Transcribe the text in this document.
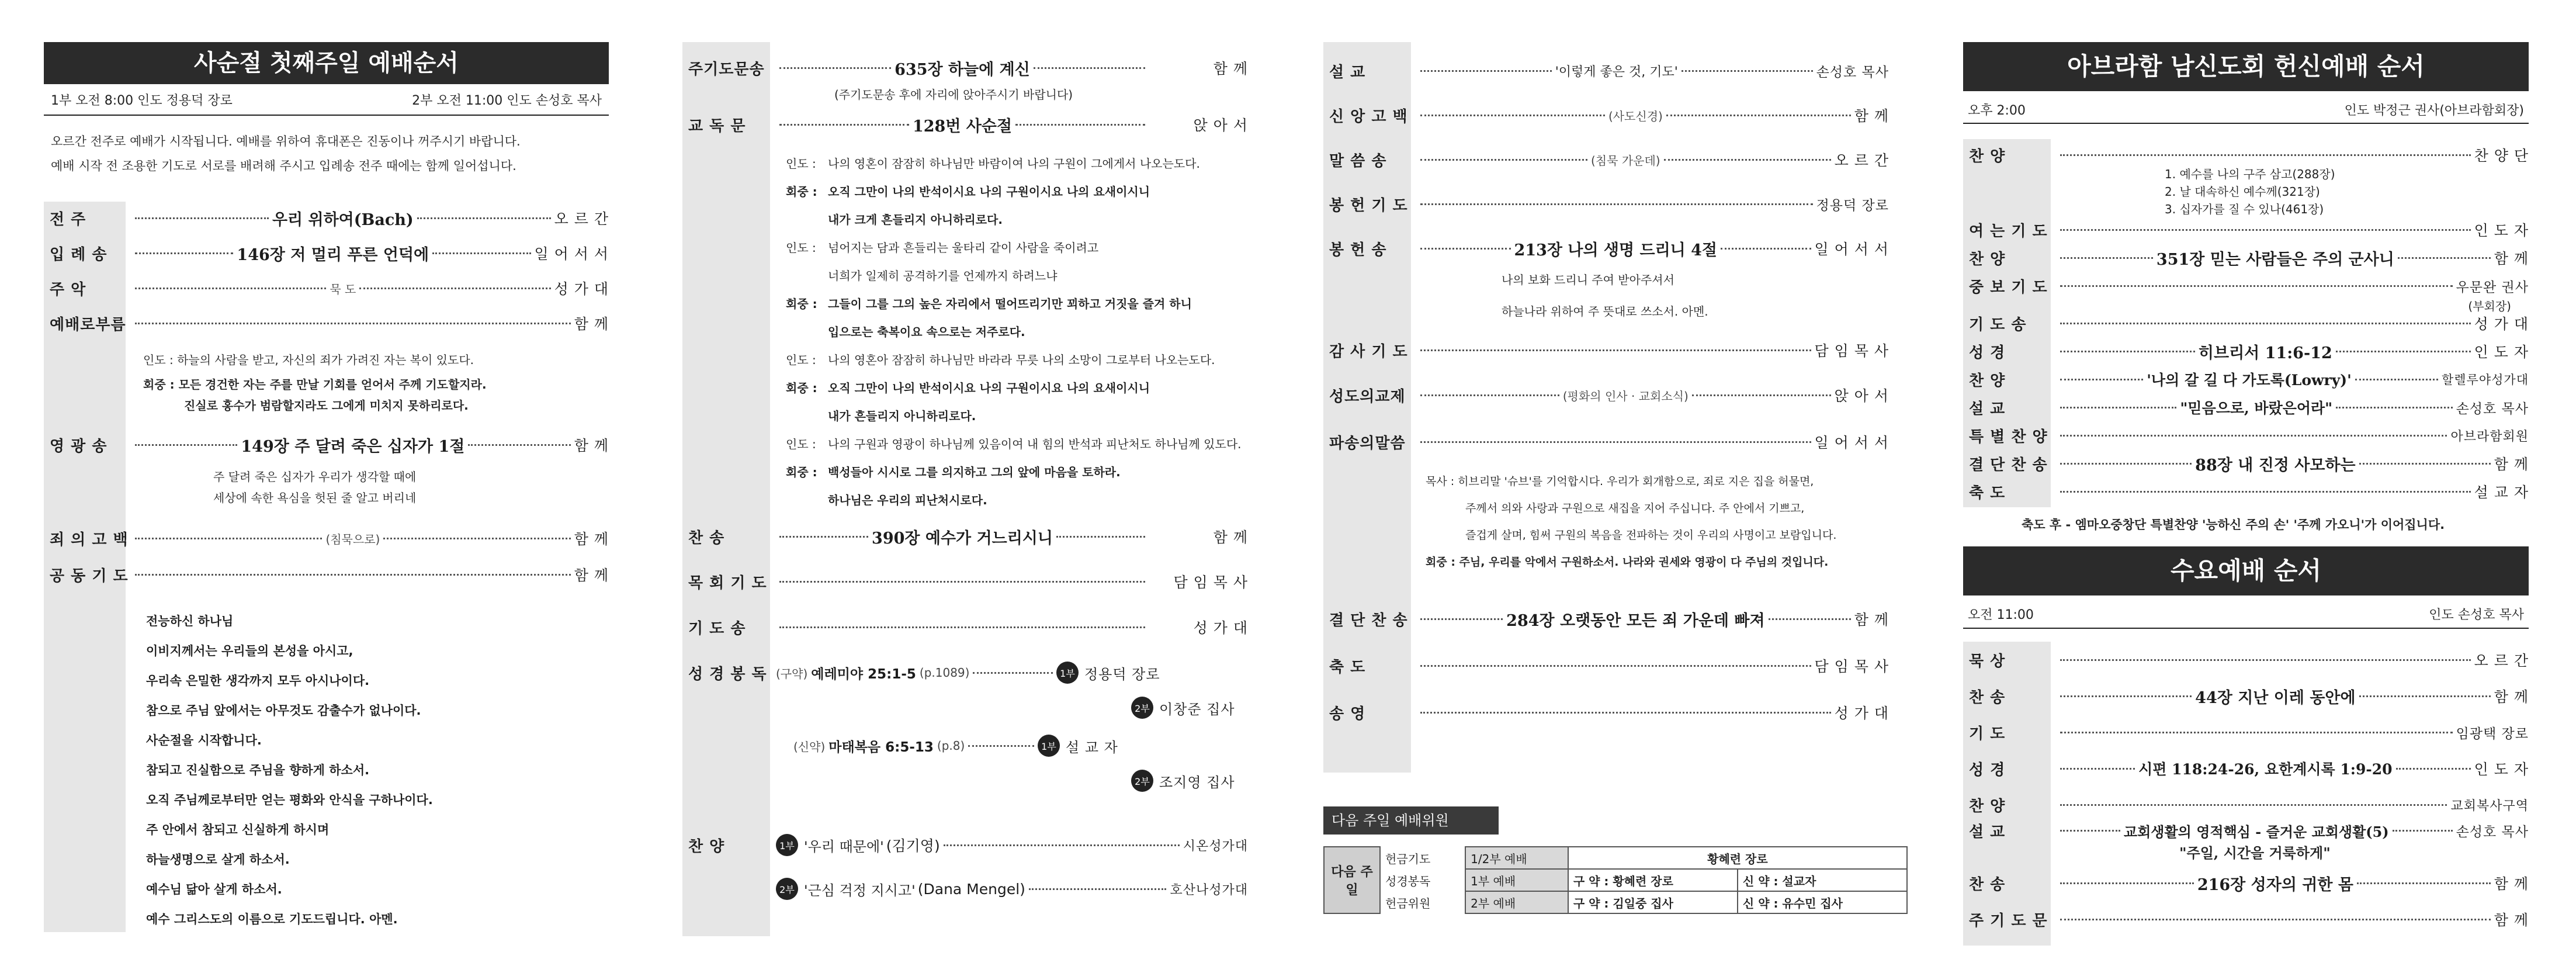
사순절 첫째주일 예배순서
1부 오전 8:00 인도 정용덕 장로	2부 오전 11:00 인도 손성호 목사
오르간 전주로 예배가 시작됩니다. 예배를 위하여 휴대폰은 진동이나 꺼주시기 바랍니다.
예배 시작 전 조용한 기도로 서로를 배려해 주시고 입례송 전주 때에는 함께 일어섭니다.
전 주	우리 위하여(Bach)	오 르 간
입 례 송	146장 저 멀리 푸른 언덕에	일 어 서 서
주 악	묵 도	성 가 대
예배로부름	함 께
인도 : 하늘의 사람을 받고, 자신의 죄가 가려진 자는 복이 있도다.
회중 : 모든 경건한 자는 주를 만날 기회를 얻어서 주께 기도할지라.
진실로 홍수가 범람할지라도 그에게 미치지 못하리로다.
영 광 송	149장 주 달려 죽은 십자가 1절	함 께
주 달려 죽은 십자가 우리가 생각할 때에
세상에 속한 욕심을 헛된 줄 알고 버리네
죄 의 고 백	(침묵으로)	함 께
공 동 기 도	함 께
전능하신 하나님
이비지께서는 우리들의 본성을 아시고,
우리속 은밀한 생각까지 모두 아시나이다.
참으로 주님 앞에서는 아무것도 감출수가 없나이다.
사순절을 시작합니다.
참되고 진실함으로 주님을 향하게 하소서.
오직 주님께로부터만 얻는 평화와 안식을 구하나이다.
주 안에서 참되고 신실하게 하시며
하늘생명으로 살게 하소서.
예수님 닮아 살게 하소서.
예수 그리스도의 이름으로 기도드립니다. 아멘.
주기도문송	635장 하늘에 계신	함 께
(주기도문송 후에 자리에 앉아주시기 바랍니다)
교 독 문	128번 사순절	앉 아 서
인도 :	나의 영혼이 잠잠히 하나님만 바람이여 나의 구원이 그에게서 나오는도다.
회중 : 오직 그만이 나의 반석이시요 나의 구원이시요 나의 요새이시니
내가 크게 흔들리지 아니하리로다.
인도 :	넘어지는 담과 흔들리는 울타리 같이 사람을 죽이려고
너희가 일제히 공격하기를 언제까지 하려느냐
회중 : 그들이 그를 그의 높은 자리에서 떨어뜨리기만 꾀하고 거짓을 즐겨 하니
입으로는 축복이요 속으로는 저주로다.
인도 :	나의 영혼아 잠잠히 하나님만 바라라 무릇 나의 소망이 그로부터 나오는도다.
회중 : 오직 그만이 나의 반석이시요 나의 구원이시요 나의 요새이시니
내가 흔들리지 아니하리로다.
인도 :	나의 구원과 영광이 하나님께 있음이여 내 힘의 반석과 피난처도 하나님께 있도다.
회중 : 백성들아 시시로 그를 의지하고 그의 앞에 마음을 토하라.
하나님은 우리의 피난처시로다.
찬 송	390장 예수가 거느리시니	함 께
목 회 기 도	담 임 목 사
기 도 송	성 가 대
성 경 봉 독 (구약) 예레미야 25:1-5 (p.1089)	1부 정용덕 장로
2부 이창준 집사
(신약) 마태복음 6:5-13 (p.8)	1부 설 교 자
2부 조지영 집사
찬 양	1부 '우리 때문에' (김기영)	시온성가대
2부 '근심 걱정 지시고' (Dana Mengel)	호산나성가대
설 교	'이렇게 좋은 것, 기도'	손성호 목사
신 앙 고 백	(사도신경)	함 께
말 씀 송	(침묵 가운데)	오 르 간
봉 헌 기 도	정용덕 장로
봉 헌 송	213장 나의 생명 드리니 4절	일 어 서 서
나의 보화 드리니 주여 받아주셔서
하늘나라 위하여 주 뜻대로 쓰소서. 아멘.
감 사 기 도	담 임 목 사
성도의교제	(평화의 인사 · 교회소식)	앉 아 서
파송의말씀	일 어 서 서
목사 : 히브리말 '슈브'를 기억합시다. 우리가 회개함으로, 죄로 지은 집을 허물면,
주께서 의와 사랑과 구원으로 새집을 지어 주십니다. 주 안에서 기쁘고,
즐겁게 살며, 힘써 구원의 복음을 전파하는 것이 우리의 사명이고 보람입니다.
회중 : 주님, 우리를 악에서 구원하소서. 나라와 권세와 영광이 다 주님의 것입니다.
결 단 찬 송	284장 오랫동안 모든 죄 가운데 빠져	함 께
축 도	담 임 목 사
송 영	성 가 대
다음 주일 예배위원
다음 주일	헌금기도	1/2부 예배	황혜련 장로	
	성경봉독	1부 예배	구 약 : 황혜련 장로	신 약 : 설교자
	헌금위원	2부 예배	구 약 : 김일중 집사	신 약 : 유수민 집사
아브라함 남신도회 헌신예배 순서
오후 2:00	인도 박정근 권사(아브라함회장)
찬 양	찬 양 단
1. 예수를 나의 구주 삼고(288장)
2. 날 대속하신 예수께(321장)
3. 십자가를 질 수 있나(461장)
여 는 기 도	인 도 자
찬 양	351장 믿는 사람들은 주의 군사니	함 께
중 보 기 도	우문완 권사
(부회장)
기 도 송	성 가 대
성 경	히브리서 11:6-12	인 도 자
찬 양	'나의 갈 길 다 가도록(Lowry)'	할렐루야성가대
설 교	"믿음으로, 바랐은어라"	손성호 목사
특 별 찬 양	아브라함회원
결 단 찬 송	88장 내 진정 사모하는	함 께
축 도	설 교 자
축도 후 - 엠마오중창단 특별찬양 '능하신 주의 손' '주께 가오니'가 이어집니다.
수요예배 순서
오전 11:00	인도 손성호 목사
묵 상	오 르 간
찬 송	44장 지난 이레 동안에	함 께
기 도	임광택 장로
성 경	시편 118:24-26, 요한계시록 1:9-20	인 도 자
찬 양	교회복사구역
설 교	교회생활의 영적핵심 - 즐거운 교회생활(5)	손성호 목사
"주일, 시간을 거룩하게"
찬 송	216장 성자의 귀한 몸	함 께
주 기 도 문	함 께
